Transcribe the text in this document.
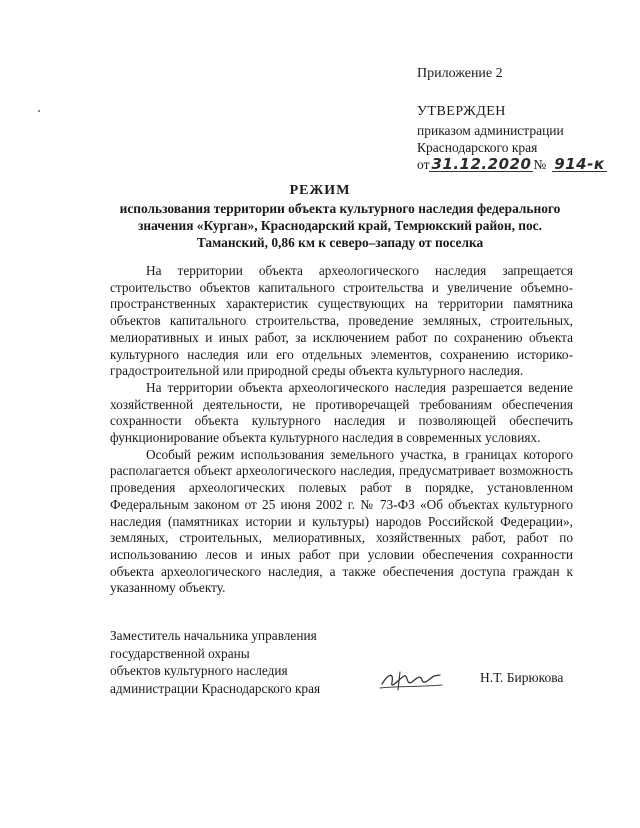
Приложение 2
УТВЕРЖДЕН
приказом администрации
Краснодарского края
от 31.12.2020 № 914-к
РЕЖИМ
использования территории объекта культурного наследия федерального значения «Курган», Краснодарский край, Темрюкский район, пос. Таманский, 0,86 км к северо–западу от поселка

На территории объекта археологического наследия запрещается строительство объектов капитального строительства и увеличение объемно-пространственных характеристик существующих на территории памятника объектов капитального строительства, проведение земляных, строительных, мелиоративных и иных работ, за исключением работ по сохранению объекта культурного наследия или его отдельных элементов, сохранению историко-градостроительной или природной среды объекта культурного наследия.

На территории объекта археологического наследия разрешается ведение хозяйственной деятельности, не противоречащей требованиям обеспечения сохранности объекта культурного наследия и позволяющей обеспечить функционирование объекта культурного наследия в современных условиях.

Особый режим использования земельного участка, в границах которого располагается объект археологического наследия, предусматривает возможность проведения археологических полевых работ в порядке, установленном Федеральным законом от 25 июня 2002 г. № 73-ФЗ «Об объектах культурного наследия (памятниках истории и культуры) народов Российской Федерации», земляных, строительных, мелиоративных, хозяйственных работ, работ по использованию лесов и иных работ при условии обеспечения сохранности объекта археологического наследия, а также обеспечения доступа граждан к указанному объекту.

Заместитель начальника управления
государственной охраны
объектов культурного наследия
администрации Краснодарского края
Н.Т. Бирюкова
